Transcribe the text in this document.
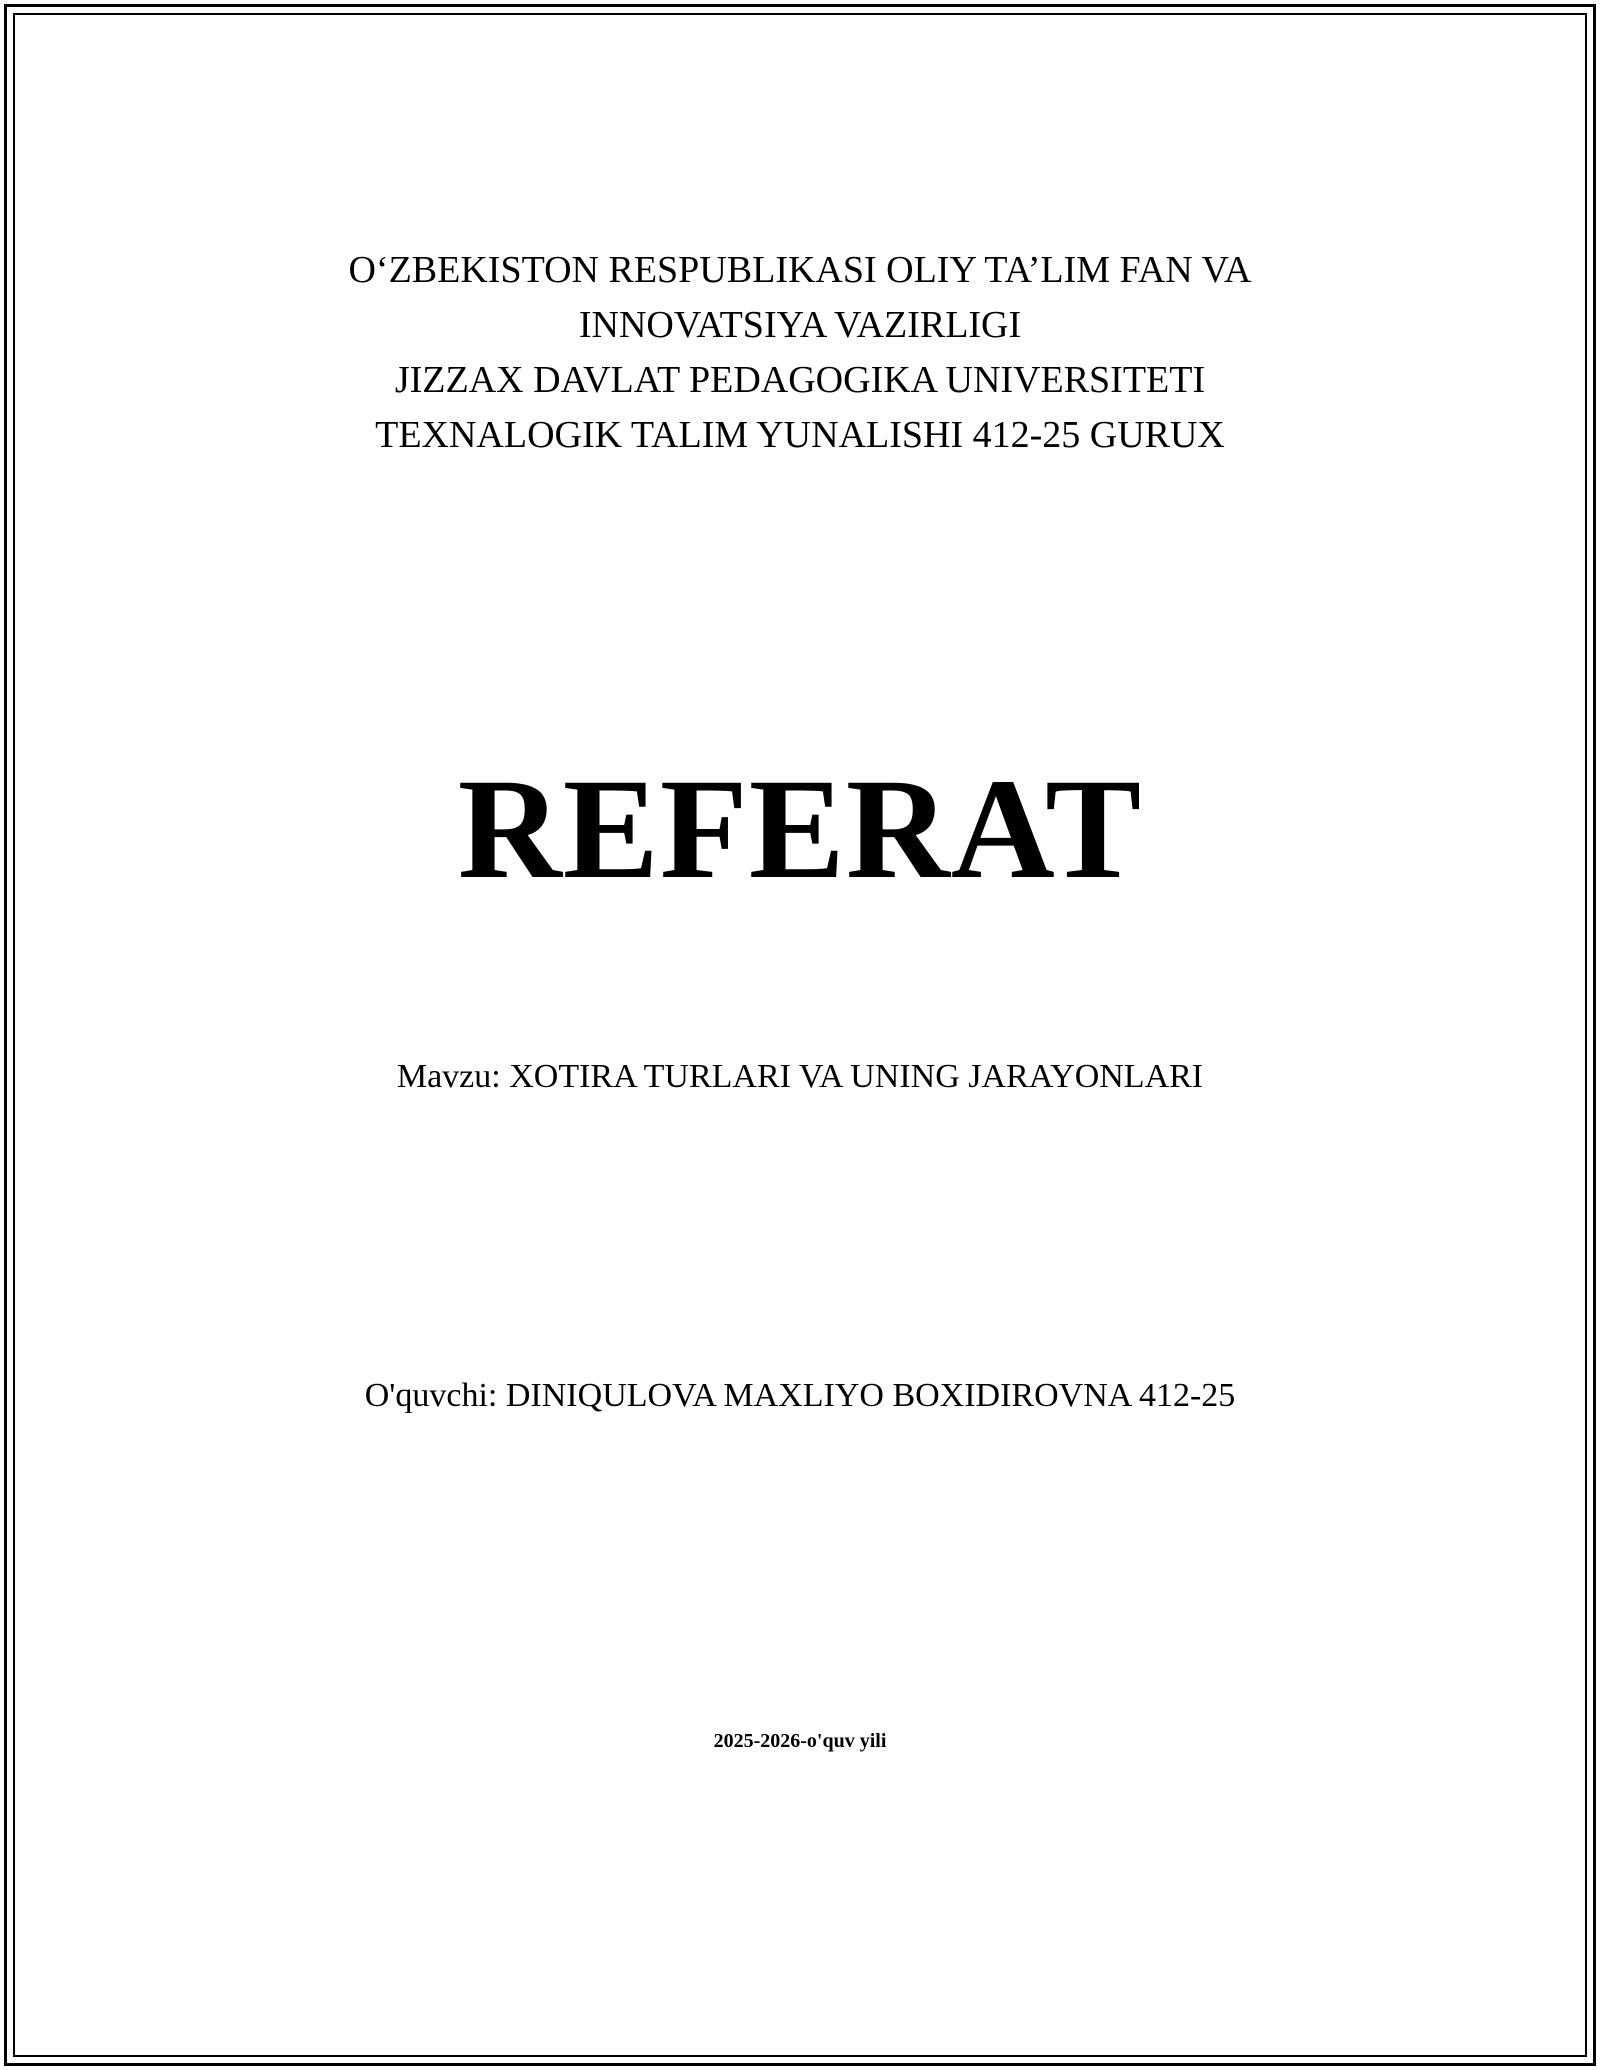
O‘ZBEKISTON RESPUBLIKASI OLIY TA’LIM FAN VA
INNOVATSIYA VAZIRLIGI
JIZZAX DAVLAT PEDAGOGIKA UNIVERSITETI
TEXNALOGIK TALIM YUNALISHI 412-25 GURUX
REFERAT
Mavzu: XOTIRA TURLARI VA UNING JARAYONLARI
O'quvchi: DINIQULOVA MAXLIYO BOXIDIROVNA 412-25
2025-2026-o'quv yili
